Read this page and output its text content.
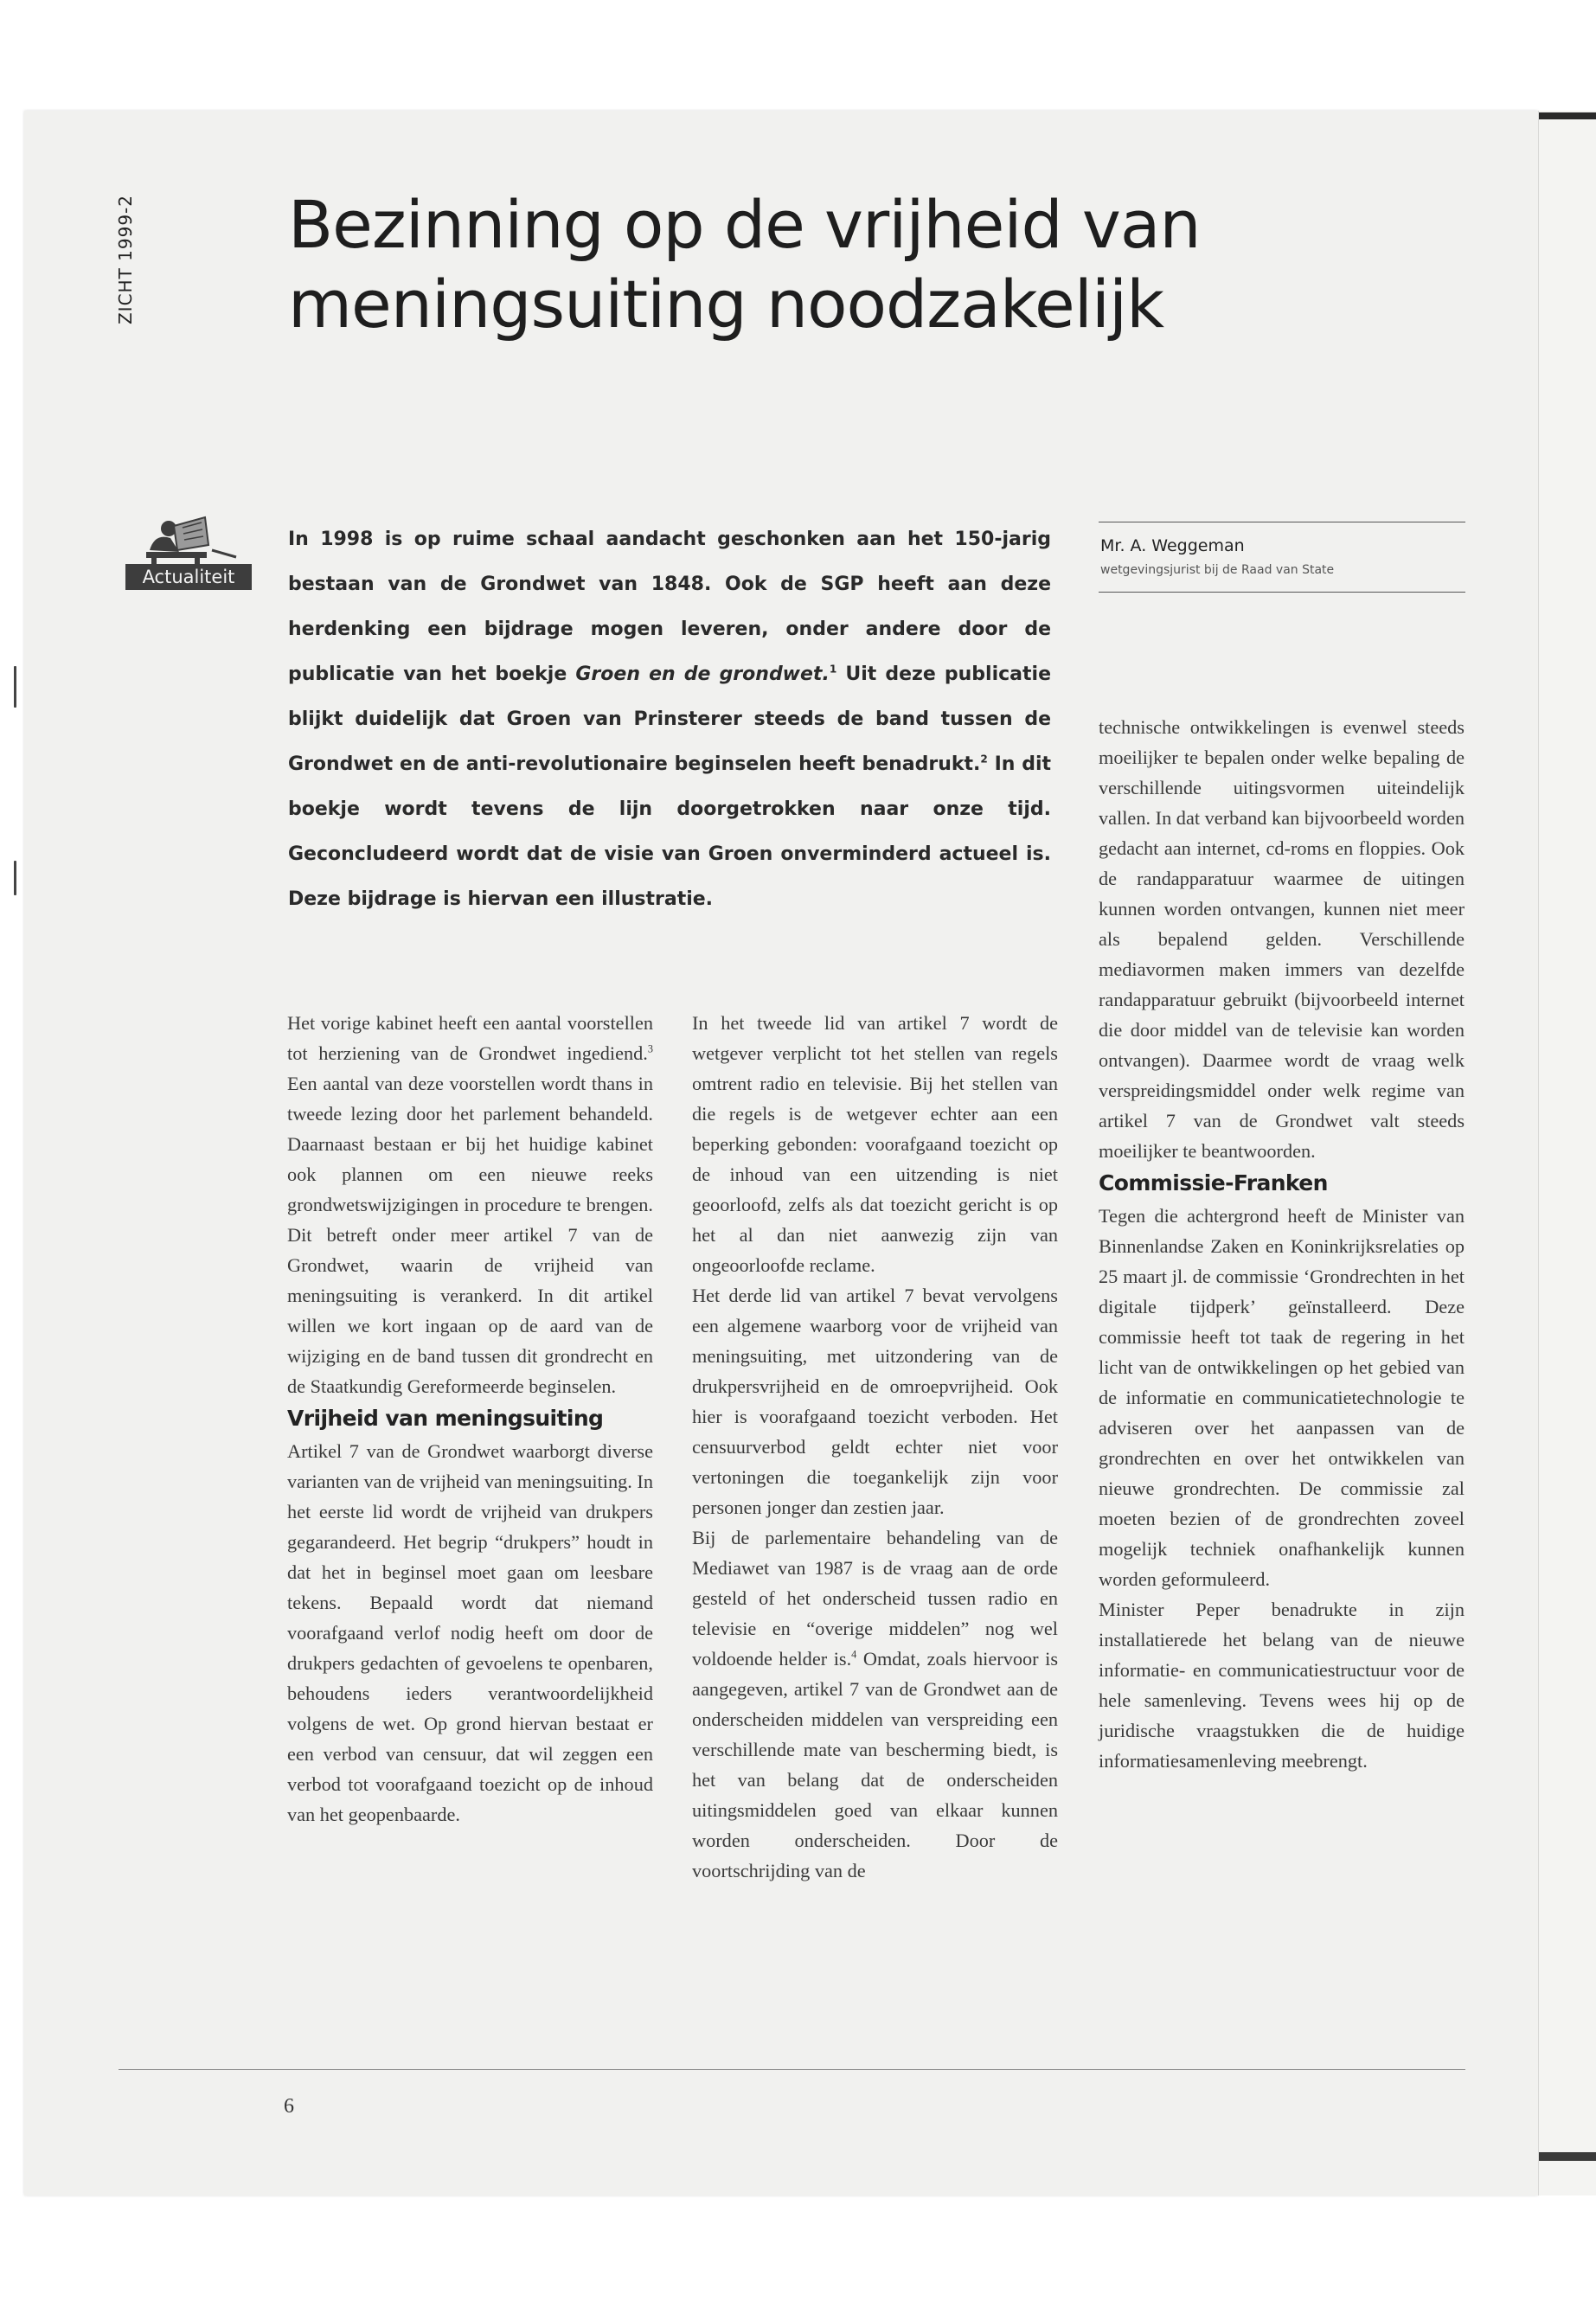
ZICHT 1999-2 Bezinning op de vrijheid van
meningsuiting noodzakelijk
Actualiteit

In 1998 is op ruime schaal aandacht geschonken aan het 150-jarig bestaan van de Grondwet van 1848. Ook de SGP heeft aan deze herdenking een bijdrage mogen leveren, onder andere door de publicatie van het boekje Groen en de grondwet.$^1$ Uit deze publicatie blijkt duidelijk dat Groen van Prinsterer steeds de band tussen de Grondwet en de anti-revolutionaire beginselen heeft benadrukt.$^2$ In dit boekje wordt tevens de lijn doorgetrokken naar onze tijd. Geconcludeerd wordt dat de visie van Groen onverminderd actueel is. Deze bijdrage is hiervan een illustratie.

Mr. A. Weggeman
wetgevingsjurist bij de Raad van State

Het vorige kabinet heeft een aantal voorstellen tot herziening van de Grondwet ingediend.$^3$ Een aantal van deze voorstellen wordt thans in tweede lezing door het parlement behandeld. Daarnaast bestaan er bij het huidige kabinet ook plannen om een nieuwe reeks grondwetswijzigingen in procedure te brengen. Dit betreft onder meer artikel 7 van de Grondwet, waarin de vrijheid van meningsuiting is verankerd. In dit artikel willen we kort ingaan op de aard van de wijziging en de band tussen dit grondrecht en de Staatkundig Gereformeerde beginselen.

Vrijheid van meningsuiting

Artikel 7 van de Grondwet waarborgt diverse varianten van de vrijheid van meningsuiting. In het eerste lid wordt de vrijheid van drukpers gegarandeerd. Het begrip “drukpers” houdt in dat het in beginsel moet gaan om leesbare tekens. Bepaald wordt dat niemand voorafgaand verlof nodig heeft om door de drukpers gedachten of gevoelens te openbaren, behoudens ieders verantwoordelijkheid volgens de wet. Op grond hiervan bestaat er een verbod van censuur, dat wil zeggen een verbod tot voorafgaand toezicht op de inhoud van het geopenbaarde.

In het tweede lid van artikel 7 wordt de wetgever verplicht tot het stellen van regels omtrent radio en televisie. Bij het stellen van die regels is de wetgever echter aan een beperking gebonden: voorafgaand toezicht op de inhoud van een uitzending is niet geoorloofd, zelfs als dat toezicht gericht is op het al dan niet aanwezig zijn van ongeoorloofde reclame.

Het derde lid van artikel 7 bevat vervolgens een algemene waarborg voor de vrijheid van meningsuiting, met uitzondering van de drukpersvrijheid en de omroepvrijheid. Ook hier is voorafgaand toezicht verboden. Het censuurverbod geldt echter niet voor vertoningen die toegankelijk zijn voor personen jonger dan zestien jaar.

Bij de parlementaire behandeling van de Mediawet van 1987 is de vraag aan de orde gesteld of het onderscheid tussen radio en televisie en “overige middelen” nog wel voldoende helder is.$^4$ Omdat, zoals hiervoor is aangegeven, artikel 7 van de Grondwet aan de onderscheiden middelen van verspreiding een verschillende mate van bescherming biedt, is het van belang dat de onderscheiden uitingsmiddelen goed van elkaar kunnen worden onderscheiden. Door de voortschrijding van de

technische ontwikkelingen is evenwel steeds moeilijker te bepalen onder welke bepaling de verschillende uitingsvormen uiteindelijk vallen. In dat verband kan bijvoorbeeld worden gedacht aan internet, cd-roms en floppies. Ook de randapparatuur waarmee de uitingen kunnen worden ontvangen, kunnen niet meer als bepalend gelden. Verschillende mediavormen maken immers van dezelfde randapparatuur gebruikt (bijvoorbeeld internet die door middel van de televisie kan worden ontvangen). Daarmee wordt de vraag welk verspreidingsmiddel onder welk regime van artikel 7 van de Grondwet valt steeds moeilijker te beantwoorden.

Commissie-Franken

Tegen die achtergrond heeft de Minister van Binnenlandse Zaken en Koninkrijksrelaties op 25 maart jl. de commissie ‘Grondrechten in het digitale tijdperk’ geïnstalleerd. Deze commissie heeft tot taak de regering in het licht van de ontwikkelingen op het gebied van de informatie en communicatietechnologie te adviseren over het aanpassen van de grondrechten en over het ontwikkelen van nieuwe grondrechten. De commissie zal moeten bezien of de grondrechten zoveel mogelijk techniek onafhankelijk kunnen worden geformuleerd.

Minister Peper benadrukte in zijn installatierede het belang van de nieuwe informatie- en communicatiestructuur voor de hele samenleving. Tevens wees hij op de juridische vraagstukken die de huidige informatiesamenleving meebrengt.

6
